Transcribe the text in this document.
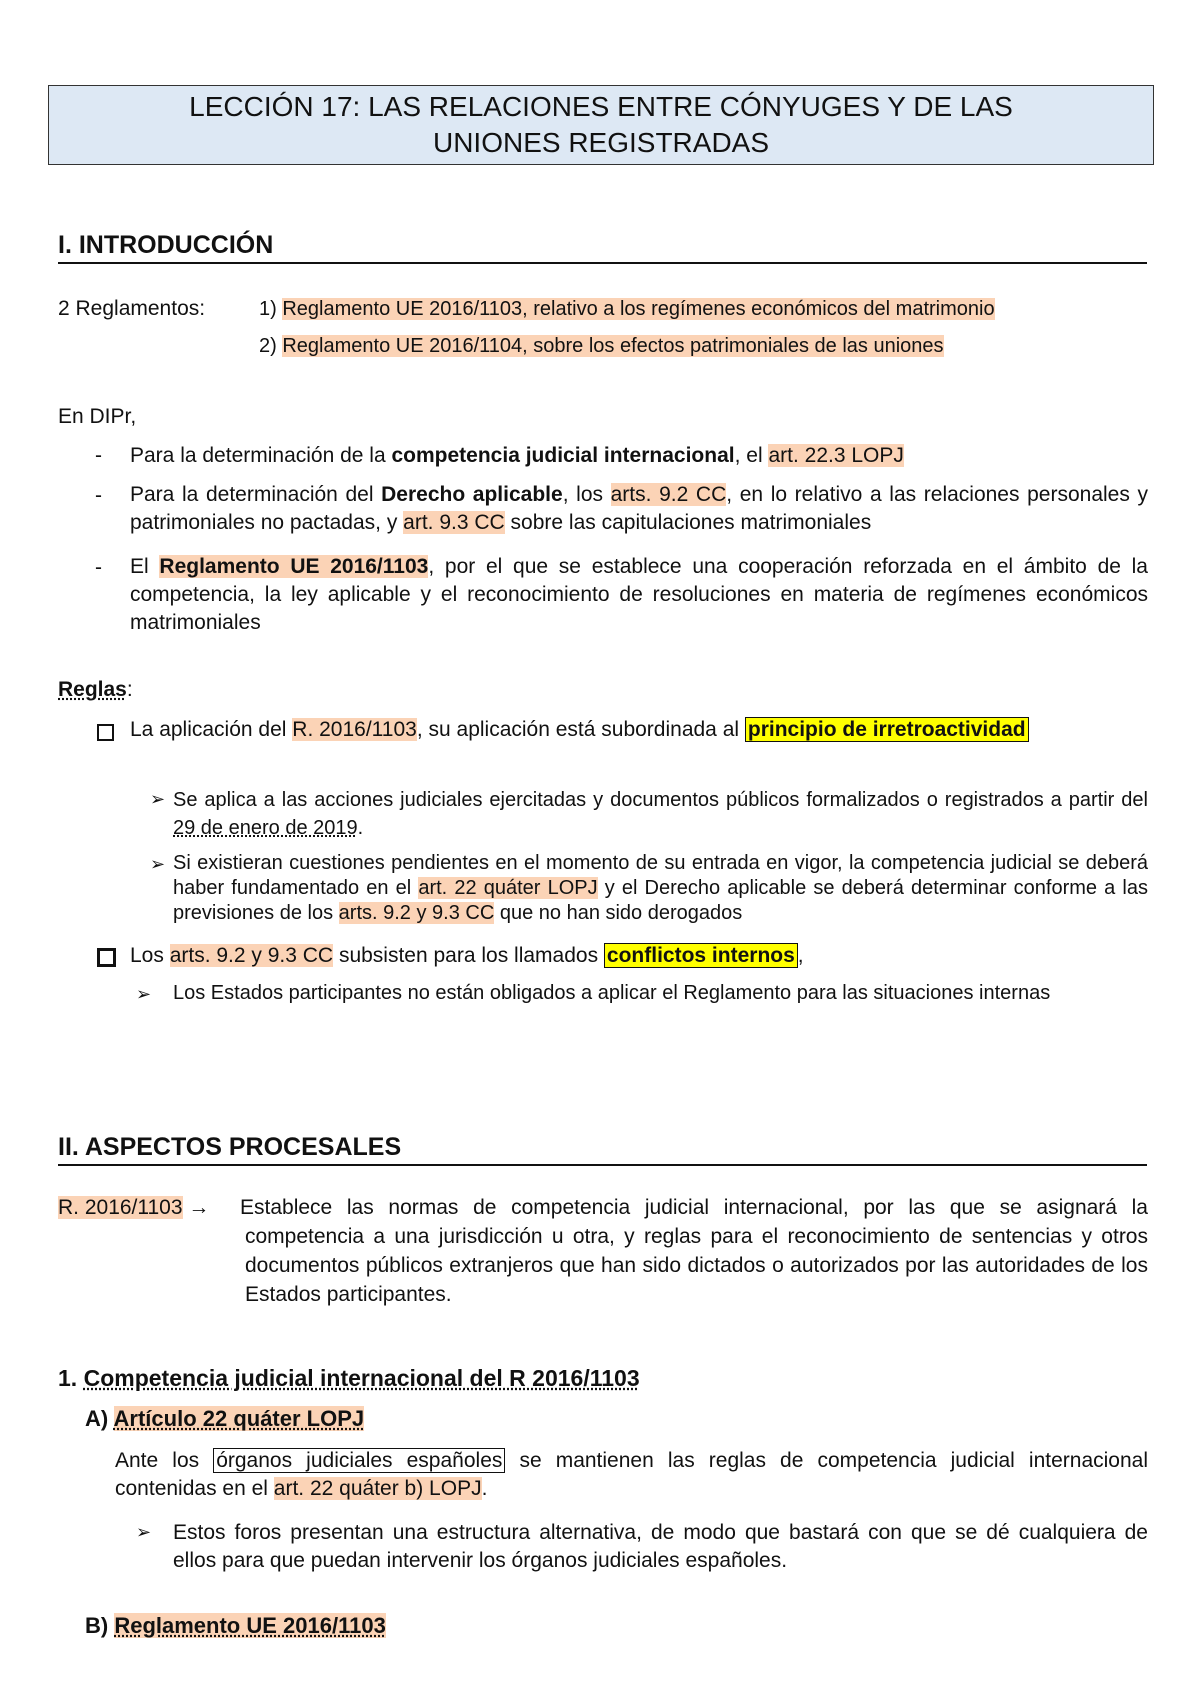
LECCIÓN 17: LAS RELACIONES ENTRE CÓNYUGES Y DE LAS
UNIONES REGISTRADAS
I. INTRODUCCIÓN
2 Reglamentos:	1) Reglamento UE 2016/1103, relativo a los regímenes económicos del matrimonio
2) Reglamento UE 2016/1104, sobre los efectos patrimoniales de las uniones
En DIPr,
- Para la determinación de la competencia judicial internacional, el art. 22.3 LOPJ
- Para la determinación del Derecho aplicable, los arts. 9.2 CC, en lo relativo a las relaciones personales y patrimoniales no pactadas, y art. 9.3 CC sobre las capitulaciones matrimoniales
- El Reglamento UE 2016/1103, por el que se establece una cooperación reforzada en el ámbito de la competencia, la ley aplicable y el reconocimiento de resoluciones en materia de regímenes económicos matrimoniales
Reglas:
La aplicación del R. 2016/1103, su aplicación está subordinada al principio de irretroactividad
➢ Se aplica a las acciones judiciales ejercitadas y documentos públicos formalizados o registrados a partir del 29 de enero de 2019.
➢ Si existieran cuestiones pendientes en el momento de su entrada en vigor, la competencia judicial se deberá haber fundamentado en el art. 22 quáter LOPJ y el Derecho aplicable se deberá determinar conforme a las previsiones de los arts. 9.2 y 9.3 CC que no han sido derogados
Los arts. 9.2 y 9.3 CC subsisten para los llamados conflictos internos ,
➢ Los Estados participantes no están obligados a aplicar el Reglamento para las situaciones internas
II. ASPECTOS PROCESALES
R. 2016/1103 → Establece las normas de competencia judicial internacional, por las que se asignará la competencia a una jurisdicción u otra, y reglas para el reconocimiento de sentencias y otros documentos públicos extranjeros que han sido dictados o autorizados por las autoridades de los Estados participantes.
1. Competencia judicial internacional del R 2016/1103
A) Artículo 22 quáter LOPJ
Ante los órganos judiciales españoles se mantienen las reglas de competencia judicial internacional contenidas en el art. 22 quáter b) LOPJ.
➢ Estos foros presentan una estructura alternativa, de modo que bastará con que se dé cualquiera de ellos para que puedan intervenir los órganos judiciales españoles.
B) Reglamento UE 2016/1103
